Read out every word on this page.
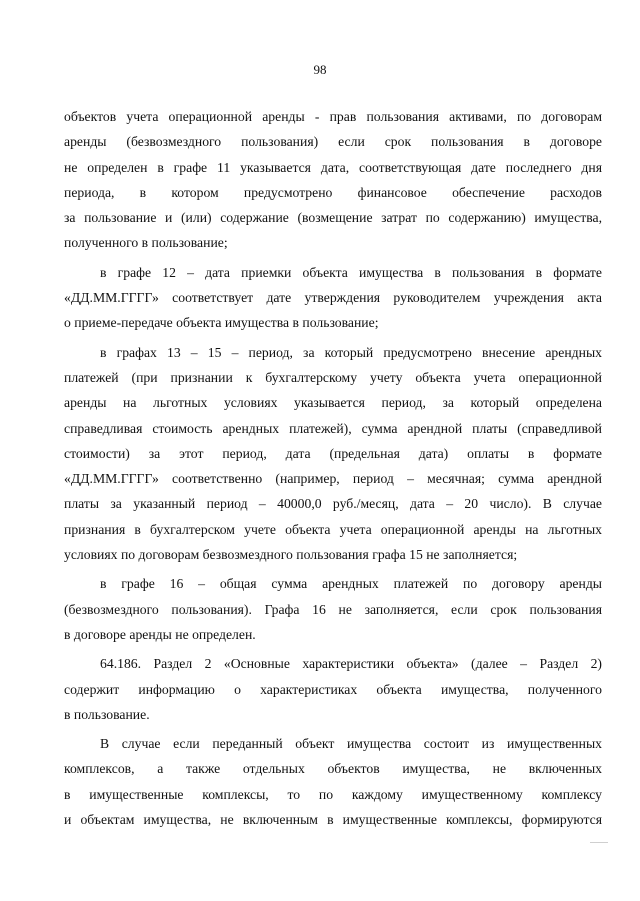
98
объектов учета операционной аренды - прав пользования активами, по договорам
аренды (безвозмездного пользования) если срок пользования в договоре
не определен в графе 11 указывается дата, соответствующая дате последнего дня
периода, в котором предусмотрено финансовое обеспечение расходов
за пользование и (или) содержание (возмещение затрат по содержанию) имущества,
полученного в пользование;
в графе 12 – дата приемки объекта имущества в пользования в формате
«ДД.ММ.ГГГГ» соответствует дате утверждения руководителем учреждения акта
о приеме-передаче объекта имущества в пользование;
в графах 13 – 15 – период, за который предусмотрено внесение арендных
платежей (при признании к бухгалтерскому учету объекта учета операционной
аренды на льготных условиях указывается период, за который определена
справедливая стоимость арендных платежей), сумма арендной платы (справедливой
стоимости) за этот период, дата (предельная дата) оплаты в формате
«ДД.ММ.ГГГГ» соответственно (например, период – месячная; сумма арендной
платы за указанный период – 40000,0 руб./месяц, дата – 20 число). В случае
признания в бухгалтерском учете объекта учета операционной аренды на льготных
условиях по договорам безвозмездного пользования графа 15 не заполняется;
в графе 16 – общая сумма арендных платежей по договору аренды
(безвозмездного пользования). Графа 16 не заполняется, если срок пользования
в договоре аренды не определен.
64.186. Раздел 2 «Основные характеристики объекта» (далее – Раздел 2)
содержит информацию о характеристиках объекта имущества, полученного
в пользование.
В случае если переданный объект имущества состоит из имущественных
комплексов, а также отдельных объектов имущества, не включенных
в имущественные комплексы, то по каждому имущественному комплексу
и объектам имущества, не включенным в имущественные комплексы, формируются
